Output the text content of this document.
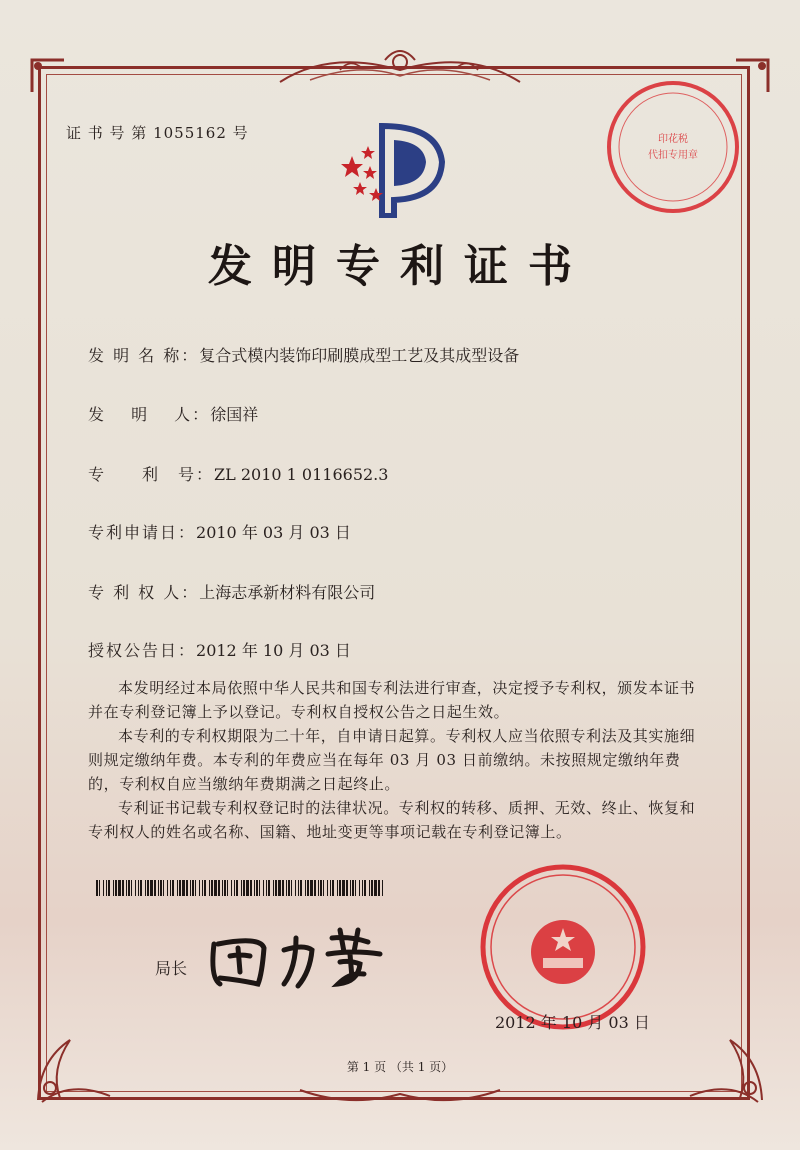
证 书 号 第 1055162 号	印花税
代扣专用章
发明专利证书
发 明 名 称：复合式模内装饰印刷膜成型工艺及其成型设备
发　 明　 人：徐国祥
专　　利　号：ZL 2010 1 0116652.3
专利申请日：2010 年 03 月 03 日
专 利 权 人：上海志承新材料有限公司
授权公告日：2012 年 10 月 03 日

本发明经过本局依照中华人民共和国专利法进行审查，决定授予专利权，颁发本证书并在专利登记簿上予以登记。专利权自授权公告之日起生效。

本专利的专利权期限为二十年，自申请日起算。专利权人应当依照专利法及其实施细则规定缴纳年费。本专利的年费应当在每年 03 月 03 日前缴纳。未按照规定缴纳年费的，专利权自应当缴纳年费期满之日起终止。

专利证书记载专利权登记时的法律状况。专利权的转移、质押、无效、终止、恢复和专利权人的姓名或名称、国籍、地址变更等事项记载在专利登记簿上。

局长
2012 年 10 月 03 日
第 1 页 （共 1 页）
